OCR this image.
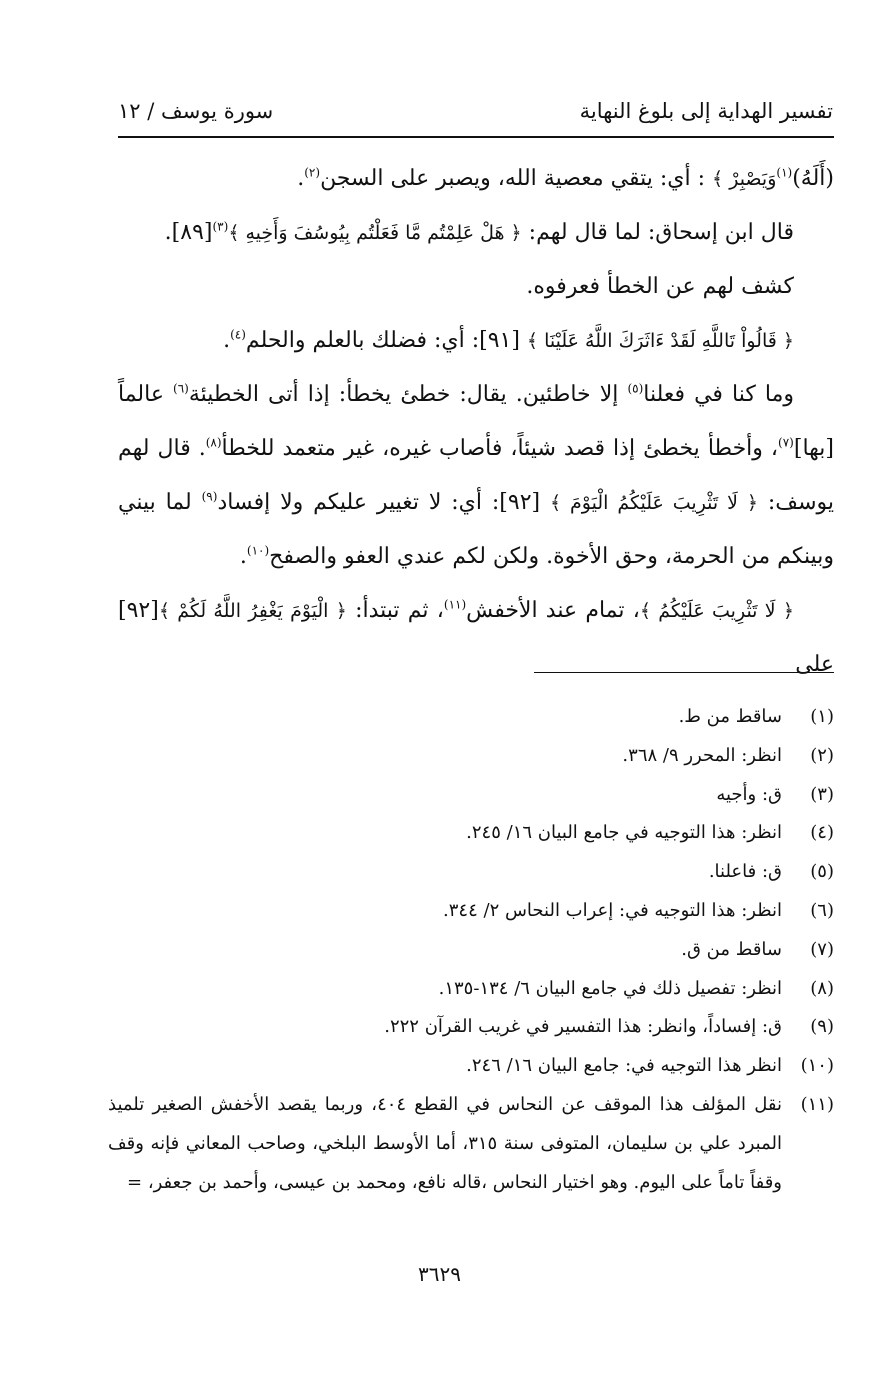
تفسير الهداية إلى بلوغ النهاية
سورة يوسف / ١٢

(أَلَهُ)$^{(١)}$وَيَصْبِرْ ﴾ : أي: يتقي معصية الله، ويصبر على السجن$^{(٢)}$.

قال ابن إسحاق: لما قال لهم: ﴿ هَلْ عَلِمْتُم مَّا فَعَلْتُم بِيُوسُفَ وَأَخِيهِ ﴾$^{(٣)}$[٨٩].

كشف لهم عن الخطأ فعرفوه.

﴿ قَالُواْ تَاللَّهِ لَقَدْ ءَاثَرَكَ اللَّهُ عَلَيْنَا ﴾ [٩١]: أي: فضلك بالعلم والحلم$^{(٤)}$.

وما كنا في فعلنا$^{(٥)}$ إلا خاطئين. يقال: خطئ يخطأ: إذا أتى الخطيئة$^{(٦)}$ عالماً [بها]$^{(٧)}$، وأخطأ يخطئ إذا قصد شيئاً، فأصاب غيره، غير متعمد للخطأ$^{(٨)}$. قال لهم يوسف: ﴿ لَا تَثْرِيبَ عَلَيْكُمُ الْيَوْمَ ﴾ [٩٢]: أي: لا تغيير عليكم ولا إفساد$^{(٩)}$ لما بيني وبينكم من الحرمة، وحق الأخوة. ولكن لكم عندي العفو والصفح$^{(١٠)}$.

﴿ لَا تَثْرِيبَ عَلَيْكُمُ ﴾، تمام عند الأخفش$^{(١١)}$، ثم تبتدأ: ﴿ الْيَوْمَ يَغْفِرُ اللَّهُ لَكُمْ ﴾[٩٢] على

(١)
ساقط من ط.
(٢)
انظر: المحرر ٩/ ٣٦٨.
(٣)
ق: وأجيه
(٤)
انظر: هذا التوجيه في جامع البيان ١٦/ ٢٤٥.
(٥)
ق: فاعلنا.
(٦)
انظر: هذا التوجيه في: إعراب النحاس ٢/ ٣٤٤.
(٧)
ساقط من ق.
(٨)
انظر: تفصيل ذلك في جامع البيان ٦/ ١٣٤-١٣٥.
(٩)
ق: إفساداً، وانظر: هذا التفسير في غريب القرآن ٢٢٢.
(١٠)
انظر هذا التوجيه في: جامع البيان ١٦/ ٢٤٦.
(١١)
نقل المؤلف هذا الموقف عن النحاس في القطع ٤٠٤، وربما يقصد الأخفش الصغير تلميذ المبرد علي بن سليمان، المتوفى سنة ٣١٥، أما الأوسط البلخي، وصاحب المعاني فإنه وقف وقفاً تاماً على اليوم. وهو اختيار النحاس ،قاله نافع، ومحمد بن عيسى، وأحمد بن جعفر، =
٣٦٢٩
